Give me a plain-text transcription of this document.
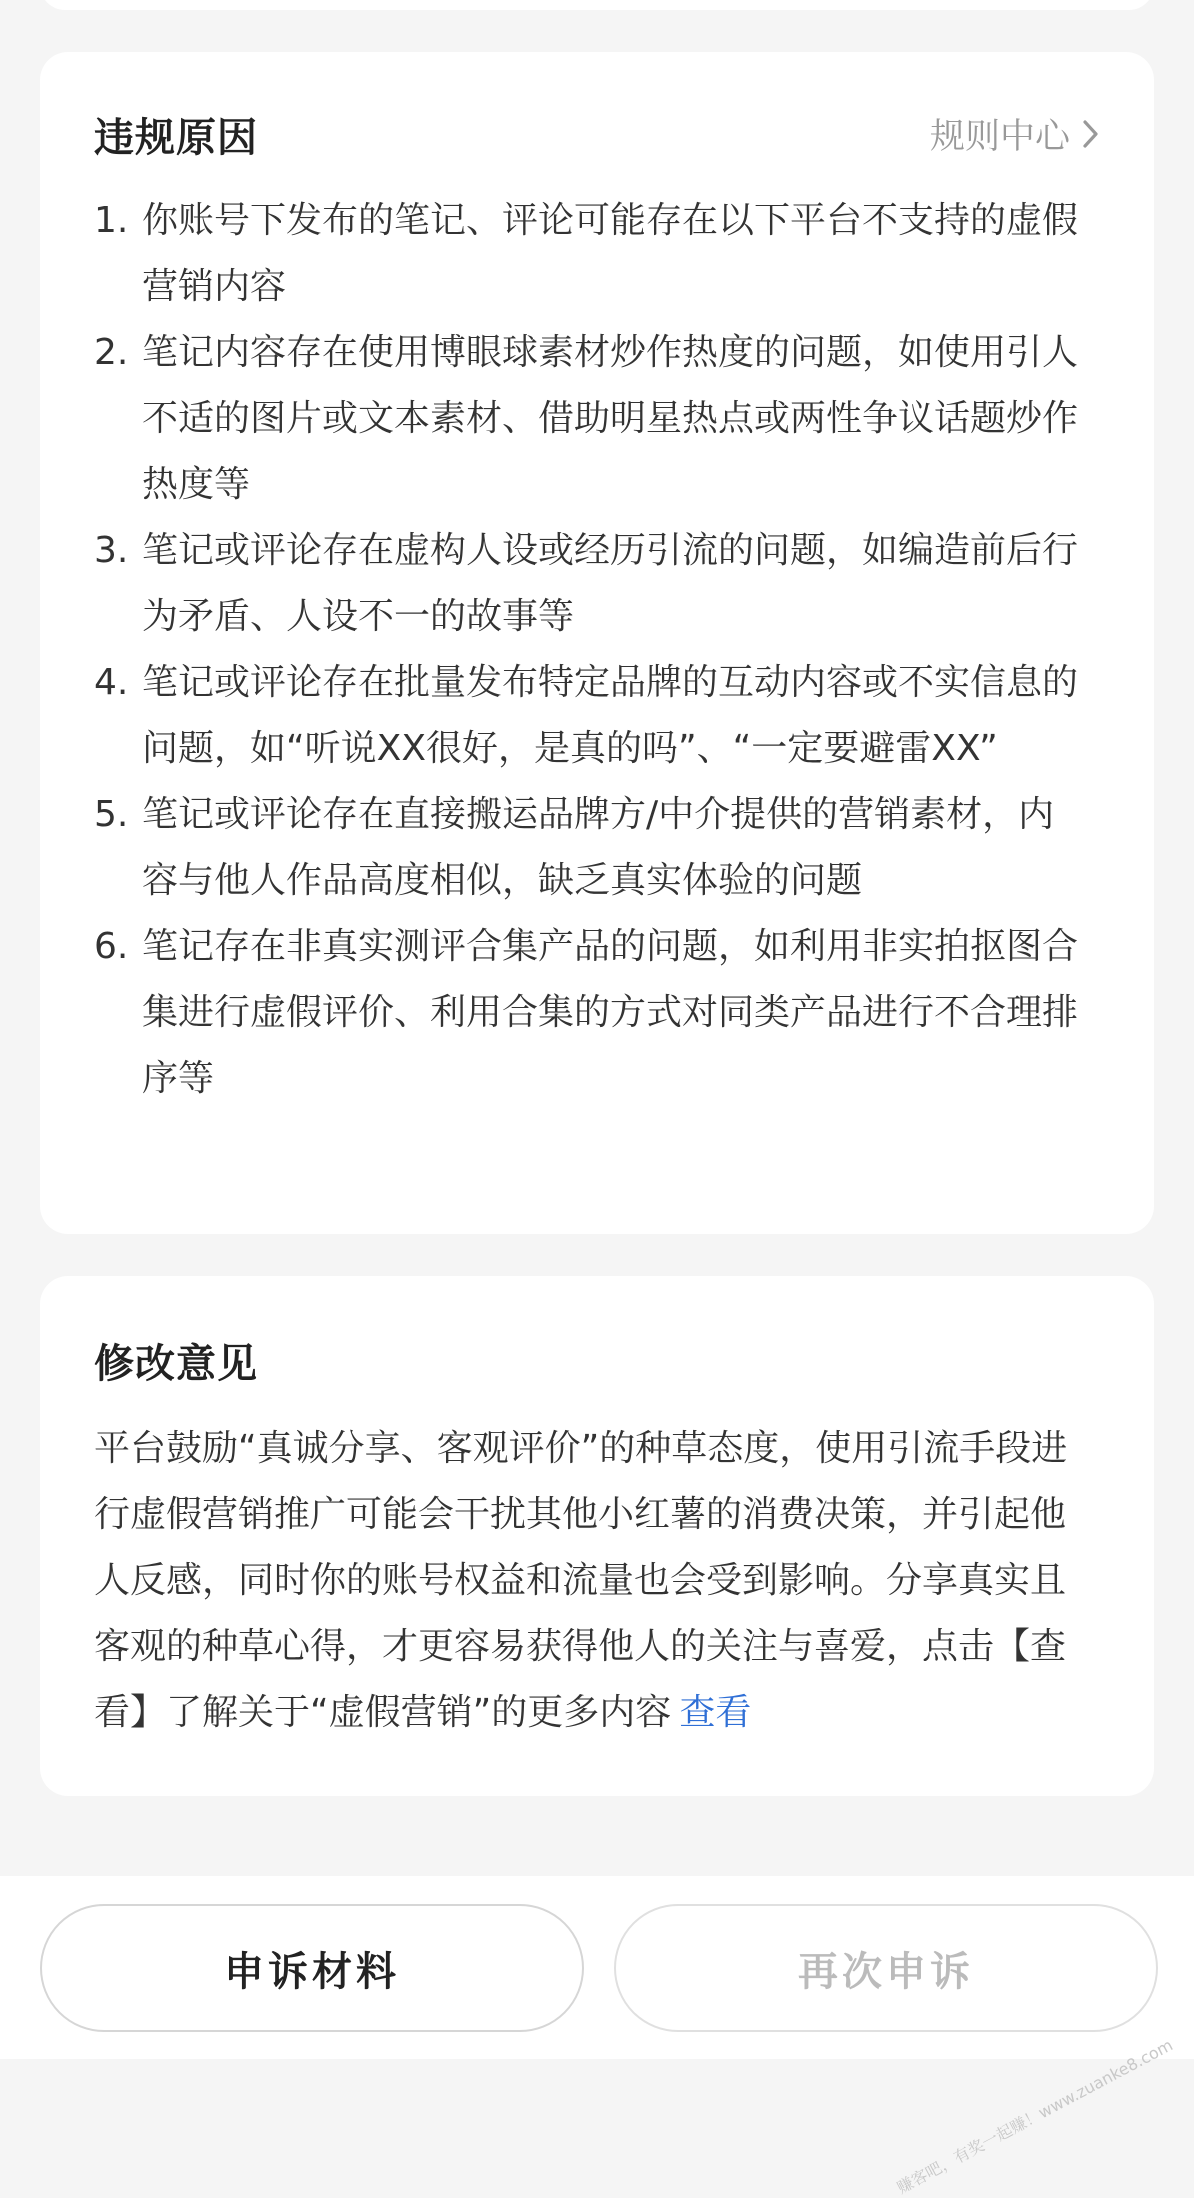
违规原因	规则中心
1. 你账号下发布的笔记、评论可能存在以下平台不支持的虚假营销内容
2. 笔记内容存在使用博眼球素材炒作热度的问题，如使用引人不适的图片或文本素材、借助明星热点或两性争议话题炒作热度等
3. 笔记或评论存在虚构人设或经历引流的问题，如编造前后行为矛盾、人设不一的故事等
4. 笔记或评论存在批量发布特定品牌的互动内容或不实信息的问题，如“听说XX很好，是真的吗”、“一定要避雷XX”
5. 笔记或评论存在直接搬运品牌方/中介提供的营销素材，内容与他人作品高度相似，缺乏真实体验的问题
6. 笔记存在非真实测评合集产品的问题，如利用非实拍抠图合集进行虚假评价、利用合集的方式对同类产品进行不合理排序等
修改意见

平台鼓励“真诚分享、客观评价”的种草态度，使用引流手段进行虚假营销推广可能会干扰其他小红薯的消费决策，并引起他人反感，同时你的账号权益和流量也会受到影响。分享真实且客观的种草心得，才更容易获得他人的关注与喜爱，点击【查看】了解关于“虚假营销”的更多内容 查看

申诉材料	再次申诉
赚客吧，有奖一起赚！www.zuanke8.com
